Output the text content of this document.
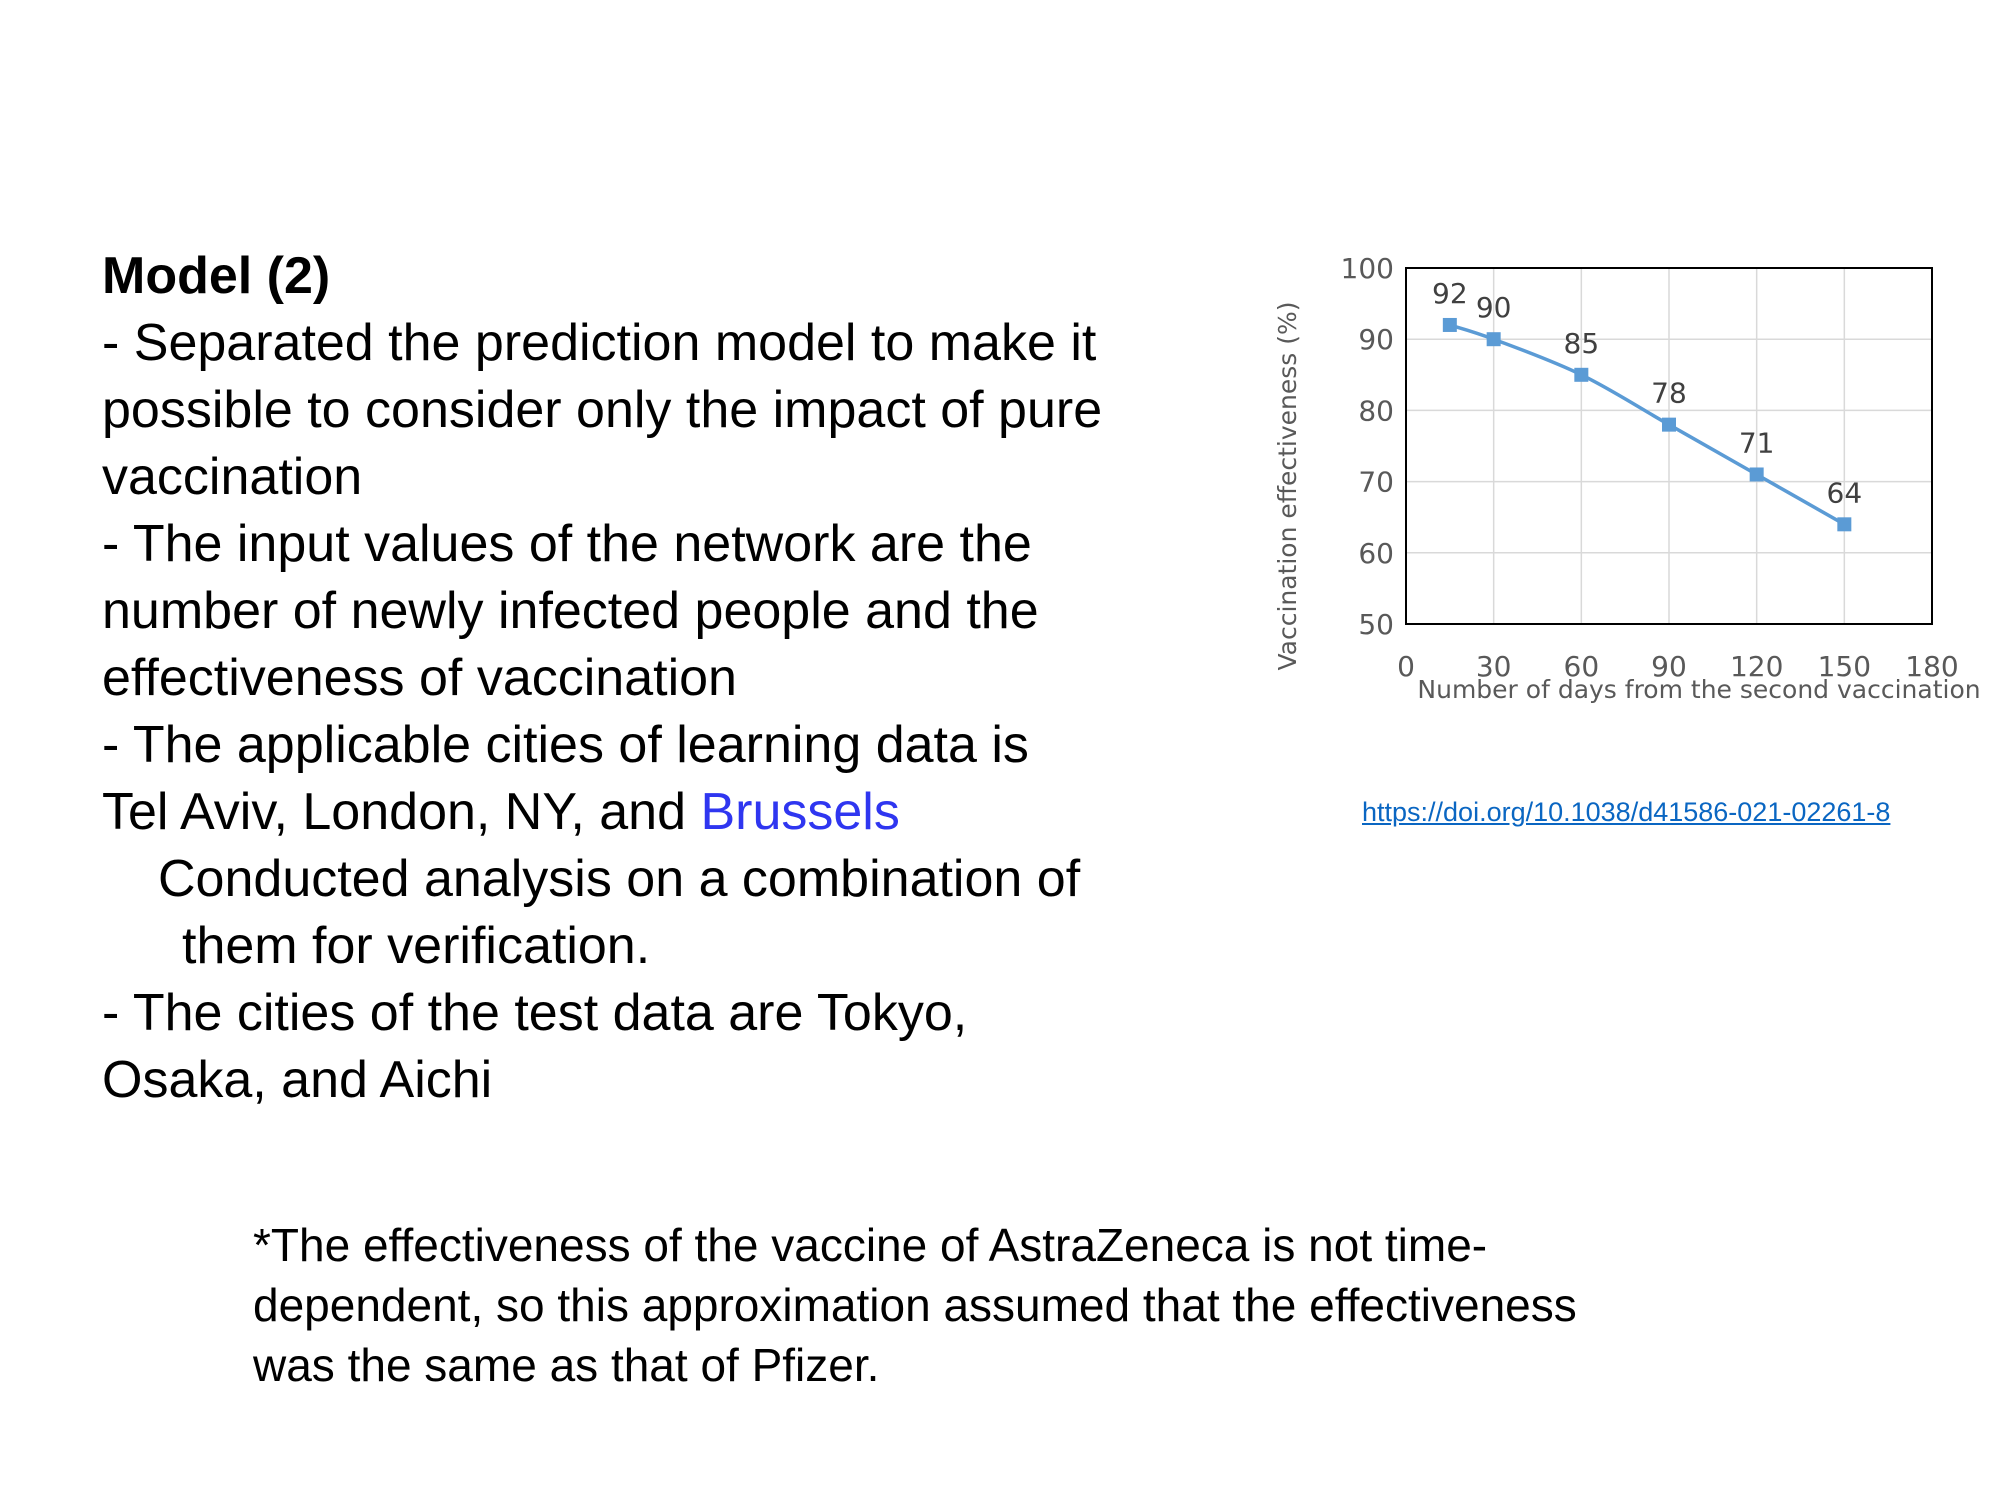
Model (2)
- Separated the prediction model to make it
possible to consider only the impact of pure
vaccination
- The input values of the network are the
number of newly infected people and the
effectiveness of vaccination
- The applicable cities of learning data is
Tel Aviv, London, NY, and Brussels
Conducted analysis on a combination of
them for verification.
- The cities of the test data are Tokyo,
Osaka, and Aichi
100
90
80
70
60
50
0 30 60 90 120 150 180
Number of days from the second vaccination
Vaccination effectiveness (%)
92 90
85
78
71
64
https://doi.org/10.1038/d41586-021-02261-8
*The effectiveness of the vaccine of AstraZeneca is not time-
dependent, so this approximation assumed that the effectiveness
was the same as that of Pfizer.
